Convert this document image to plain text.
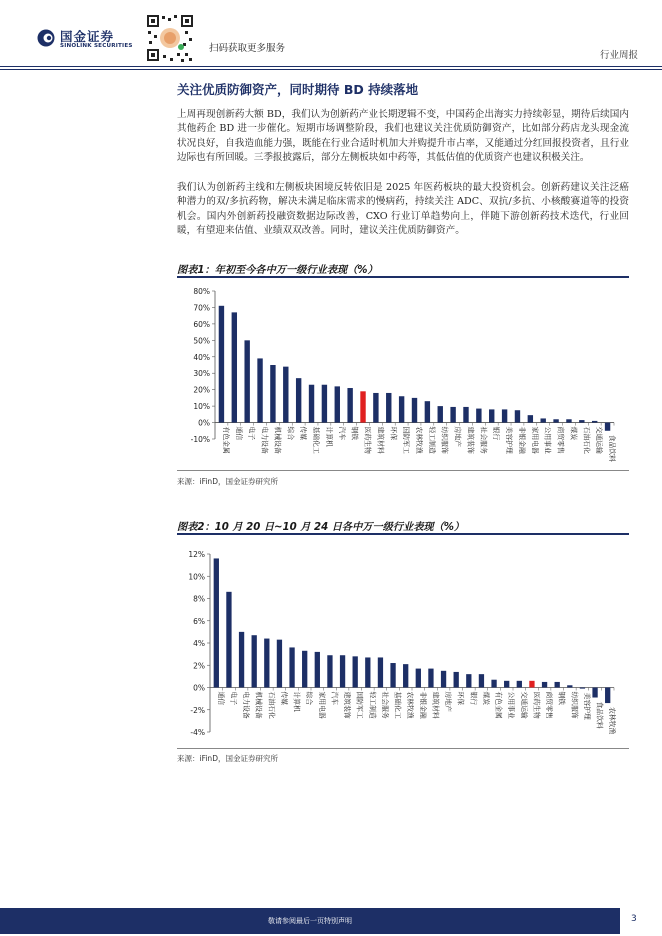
国金证券
SINOLINK SECURITIES	扫码获取更多服务
行业周报
关注优质防御资产，同时期待 BD 持续落地

上周再现创新药大额 BD，我们认为创新药产业长期逻辑不变，中国药企出海实力持续彰显，期待后续国内其他药企 BD 进一步催化。短期市场调整阶段，我们也建议关注优质防御资产，比如部分药店龙头现金流状况良好，自我造血能力强，既能在行业合适时机加大并购提升市占率，又能通过分红回报投资者，且行业边际也有所回暖。三季报披露后，部分左侧板块如中药等，其低估值的优质资产也建议积极关注。

我们认为创新药主线和左侧板块困境反转依旧是 2025 年医药板块的最大投资机会。创新药建议关注泛癌种潜力的双/多抗药物，解决未满足临床需求的慢病药，持续关注 ADC、双抗/多抗、小核酸赛道等的投资机会。国内外创新药投融资数据边际改善，CXO 行业订单趋势向上，伴随下游创新药技术迭代，行业回暖，有望迎来估值、业绩双双改善。同时，建议关注优质防御资产。

图表1：年初至今各中万一级行业表现（%）
-10%
0%
10%
20%
30%
40%
50%
60%
70%
80%
有色金属 通信 电子 电力设备 机械设备 综合 传媒 基础化工 计算机 汽车 钢铁 医药生物 建筑材料 环保 国防军工 农林牧渔 轻工制造 纺织服饰 房地产 建筑装饰 社会服务 银行 美容护理 非银金融 家用电器 公用事业 商贸零售 煤炭 石油石化 交通运输 食品饮料
来源：iFinD，国金证券研究所
图表2：10 月 20 日~10 月 24 日各中万一级行业表现（%）
-4%
-2%
0%
2%
4%
6%
8%
10%
12%
通信 电子 电力设备 机械设备 石油石化 传媒 计算机 综合 家用电器 汽车 建筑装饰 国防军工 轻工制造 社会服务 基础化工 农林牧渔 非银金融 建筑材料 房地产 环保 银行 煤炭 有色金属 公用事业 交通运输 医药生物 商贸零售 钢铁 纺织服饰 美容护理 食品饮料 农林牧渔
来源：iFinD，国金证券研究所
敬请参阅最后一页特别声明	3
